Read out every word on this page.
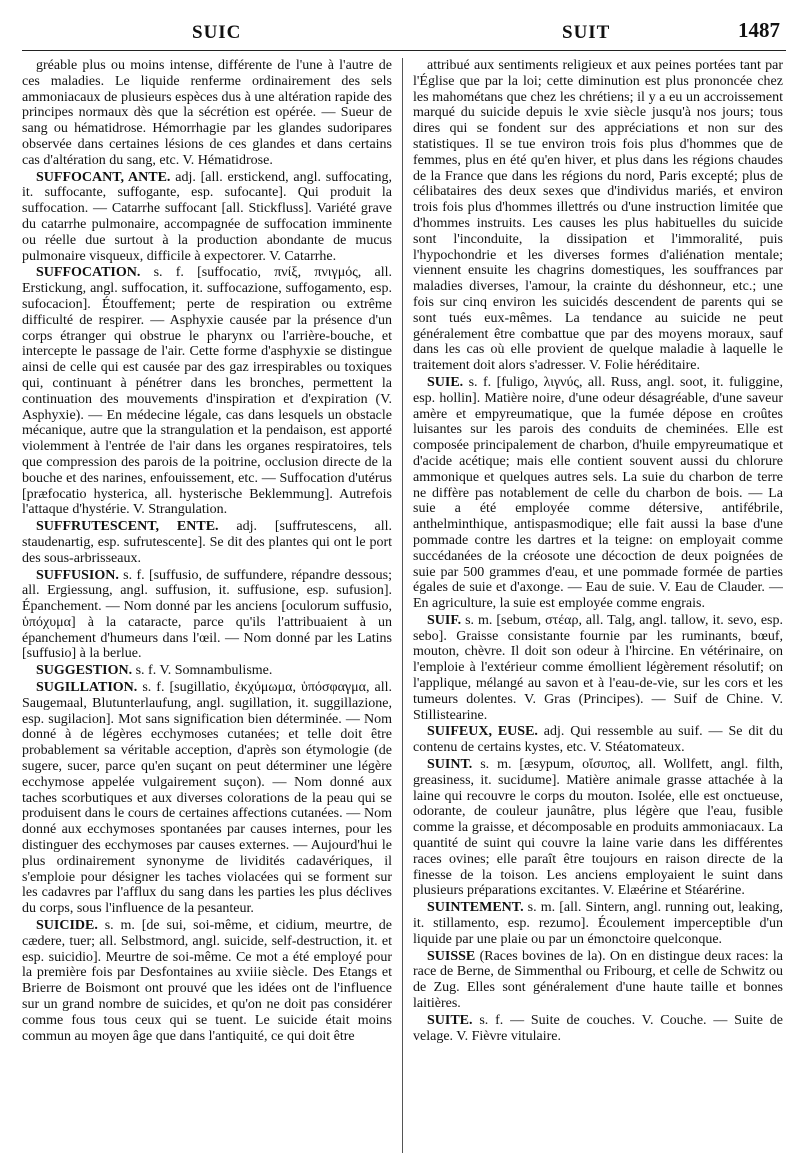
SUIC	SUIT	1487

gréable plus ou moins intense, différente de l'une à l'autre de ces maladies. Le liquide renferme ordinairement des sels ammoniacaux de plusieurs espèces dus à une altération rapide des principes normaux dès que la sécrétion est opérée. — Sueur de sang ou hématidrose. Hémorrhagie par les glandes sudoripares observée dans certaines lésions de ces glandes et dans certains cas d'altération du sang, etc. V. Hématidrose.

SUFFOCANT, ANTE. adj. [all. erstickend, angl. suffocating, it. suffocante, suffogante, esp. sufocante]. Qui produit la suffocation. — Catarrhe suffocant [all. Stickfluss]. Variété grave du catarrhe pulmonaire, accompagnée de suffocation imminente ou réelle due surtout à la production abondante de mucus pulmonaire visqueux, difficile à expectorer. V. Catarrhe.

SUFFOCATION. s. f. [suffocatio, πνίξ, πνιγμός, all. Erstickung, angl. suffocation, it. suffocazione, suffogamento, esp. sufocacion]. Étouffement; perte de respiration ou extrême difficulté de respirer. — Asphyxie causée par la présence d'un corps étranger qui obstrue le pharynx ou l'arrière-bouche, et intercepte le passage de l'air. Cette forme d'asphyxie se distingue ainsi de celle qui est causée par des gaz irrespirables ou toxiques qui, continuant à pénétrer dans les bronches, permettent la continuation des mouvements d'inspiration et d'expiration (V. Asphyxie). — En médecine légale, cas dans lesquels un obstacle mécanique, autre que la strangulation et la pendaison, est apporté violemment à l'entrée de l'air dans les organes respiratoires, tels que compression des parois de la poitrine, occlusion directe de la bouche et des narines, enfouissement, etc. — Suffocation d'utérus [præfocatio hysterica, all. hysterische Beklemmung]. Autrefois l'attaque d'hystérie. V. Strangulation.

SUFFRUTESCENT, ENTE. adj. [suffrutescens, all. staudenartig, esp. sufrutescente]. Se dit des plantes qui ont le port des sous-arbrisseaux.

SUFFUSION. s. f. [suffusio, de suffundere, répandre dessous; all. Ergiessung, angl. suffusion, it. suffusione, esp. sufusion]. Épanchement. — Nom donné par les anciens [oculorum suffusio, ὑπόχυμα] à la cataracte, parce qu'ils l'attribuaient à un épanchement d'humeurs dans l'œil. — Nom donné par les Latins [suffusio] à la berlue.

SUGGESTION. s. f. V. Somnambulisme.

SUGILLATION. s. f. [sugillatio, ἐκχύμωμα, ὑπόσφαγμα, all. Saugemaal, Blutunterlaufung, angl. sugillation, it. suggillazione, esp. sugilacion]. Mot sans signification bien déterminée. — Nom donné à de légères ecchymoses cutanées; et telle doit être probablement sa véritable acception, d'après son étymologie (de sugere, sucer, parce qu'en suçant on peut déterminer une légère ecchymose appelée vulgairement suçon). — Nom donné aux taches scorbutiques et aux diverses colorations de la peau qui se produisent dans le cours de certaines affections cutanées. — Nom donné aux ecchymoses spontanées par causes internes, pour les distinguer des ecchymoses par causes externes. — Aujourd'hui le plus ordinairement synonyme de lividités cadavériques, il s'emploie pour désigner les taches violacées qui se forment sur les cadavres par l'afflux du sang dans les parties les plus déclives du corps, sous l'influence de la pesanteur.

SUICIDE. s. m. [de sui, soi-même, et cidium, meurtre, de cædere, tuer; all. Selbstmord, angl. suicide, self-destruction, it. et esp. suicidio]. Meurtre de soi-même. Ce mot a été employé pour la première fois par Desfontaines au xviiie siècle. Des Etangs et Brierre de Boismont ont prouvé que les idées ont de l'influence sur un grand nombre de suicides, et qu'on ne doit pas considérer comme fous tous ceux qui se tuent. Le suicide était moins commun au moyen âge que dans l'antiquité, ce qui doit être

attribué aux sentiments religieux et aux peines portées tant par l'Église que par la loi; cette diminution est plus prononcée chez les mahométans que chez les chrétiens; il y a eu un accroissement marqué du suicide depuis le xvie siècle jusqu'à nos jours; tous dires qui se fondent sur des appréciations et non sur des statistiques. Il se tue environ trois fois plus d'hommes que de femmes, plus en été qu'en hiver, et plus dans les régions chaudes de la France que dans les régions du nord, Paris excepté; plus de célibataires des deux sexes que d'individus mariés, et environ trois fois plus d'hommes illettrés ou d'une instruction limitée que d'hommes instruits. Les causes les plus habituelles du suicide sont l'inconduite, la dissipation et l'immoralité, puis l'hypochondrie et les diverses formes d'aliénation mentale; viennent ensuite les chagrins domestiques, les souffrances par maladies diverses, l'amour, la crainte du déshonneur, etc.; une fois sur cinq environ les suicidés descendent de parents qui se sont tués eux-mêmes. La tendance au suicide ne peut généralement être combattue que par des moyens moraux, sauf dans les cas où elle provient de quelque maladie à laquelle le traitement doit alors s'adresser. V. Folie héréditaire.

SUIE. s. f. [fuligo, λιγνύς, all. Russ, angl. soot, it. fuliggine, esp. hollin]. Matière noire, d'une odeur désagréable, d'une saveur amère et empyreumatique, que la fumée dépose en croûtes luisantes sur les parois des conduits de cheminées. Elle est composée principalement de charbon, d'huile empyreumatique et d'acide acétique; mais elle contient souvent aussi du chlorure ammonique et quelques autres sels. La suie du charbon de terre ne diffère pas notablement de celle du charbon de bois. — La suie a été employée comme détersive, antifébrile, anthelminthique, antispasmodique; elle fait aussi la base d'une pommade contre les dartres et la teigne: on employait comme succédanées de la créosote une décoction de deux poignées de suie par 500 grammes d'eau, et une pommade formée de parties égales de suie et d'axonge. — Eau de suie. V. Eau de Clauder. — En agriculture, la suie est employée comme engrais.

SUIF. s. m. [sebum, στέαρ, all. Talg, angl. tallow, it. sevo, esp. sebo]. Graisse consistante fournie par les ruminants, bœuf, mouton, chèvre. Il doit son odeur à l'hircine. En vétérinaire, on l'emploie à l'extérieur comme émollient légèrement résolutif; on l'applique, mélangé au savon et à l'eau-de-vie, sur les cors et les tumeurs dolentes. V. Gras (Principes). — Suif de Chine. V. Stillistearine.

SUIFEUX, EUSE. adj. Qui ressemble au suif. — Se dit du contenu de certains kystes, etc. V. Stéatomateux.

SUINT. s. m. [æsypum, οἴσυπος, all. Wollfett, angl. filth, greasiness, it. sucidume]. Matière animale grasse attachée à la laine qui recouvre le corps du mouton. Isolée, elle est onctueuse, odorante, de couleur jaunâtre, plus légère que l'eau, fusible comme la graisse, et décomposable en produits ammoniacaux. La quantité de suint qui couvre la laine varie dans les différentes races ovines; elle paraît être toujours en raison directe de la finesse de la toison. Les anciens employaient le suint dans plusieurs préparations excitantes. V. Elæérine et Stéarérine.

SUINTEMENT. s. m. [all. Sintern, angl. running out, leaking, it. stillamento, esp. rezumo]. Écoulement imperceptible d'un liquide par une plaie ou par un émonctoire quelconque.

SUISSE (Races bovines de la). On en distingue deux races: la race de Berne, de Simmenthal ou Fribourg, et celle de Schwitz ou de Zug. Elles sont généralement d'une haute taille et bonnes laitières.

SUITE. s. f. — Suite de couches. V. Couche. — Suite de velage. V. Fièvre vitulaire.
